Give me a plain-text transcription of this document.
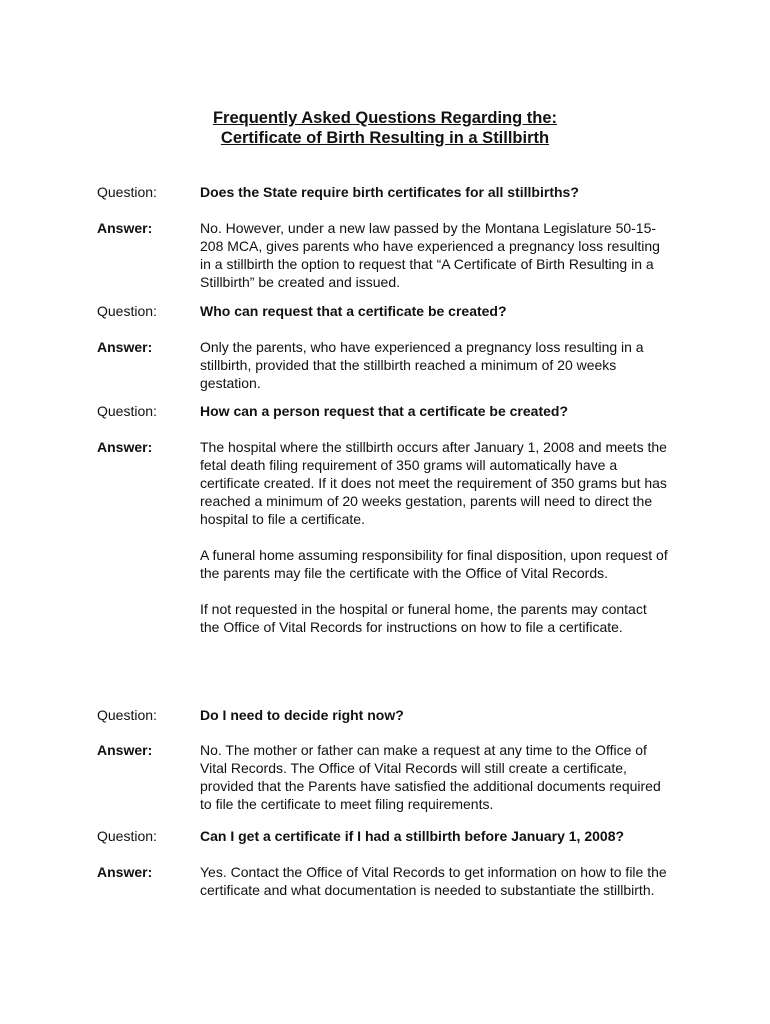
Frequently Asked Questions Regarding the:
Certificate of Birth Resulting in a Stillbirth
Question:	Does the State require birth certificates for all stillbirths?
Answer:	No. However, under a new law passed by the Montana Legislature 50-15-208 MCA, gives parents who have experienced a pregnancy loss resulting in a stillbirth the option to request that “A Certificate of Birth Resulting in a Stillbirth” be created and issued.

Question:	Who can request that a certificate be created?
Answer:	Only the parents, who have experienced a pregnancy loss resulting in a stillbirth, provided that the stillbirth reached a minimum of 20 weeks gestation.

Question:	How can a person request that a certificate be created?
Answer:	The hospital where the stillbirth occurs after January 1, 2008 and meets the fetal death filing requirement of 350 grams will automatically have a certificate created. If it does not meet the requirement of 350 grams but has reached a minimum of 20 weeks gestation, parents will need to direct the hospital to file a certificate.

A funeral home assuming responsibility for final disposition, upon request of the parents may file the certificate with the Office of Vital Records.

If not requested in the hospital or funeral home, the parents may contact the Office of Vital Records for instructions on how to file a certificate.

Question:	Do I need to decide right now?
Answer:	No. The mother or father can make a request at any time to the Office of Vital Records. The Office of Vital Records will still create a certificate, provided that the Parents have satisfied the additional documents required to file the certificate to meet filing requirements.

Question:	Can I get a certificate if I had a stillbirth before January 1, 2008?
Answer:	Yes. Contact the Office of Vital Records to get information on how to file the certificate and what documentation is needed to substantiate the stillbirth.
